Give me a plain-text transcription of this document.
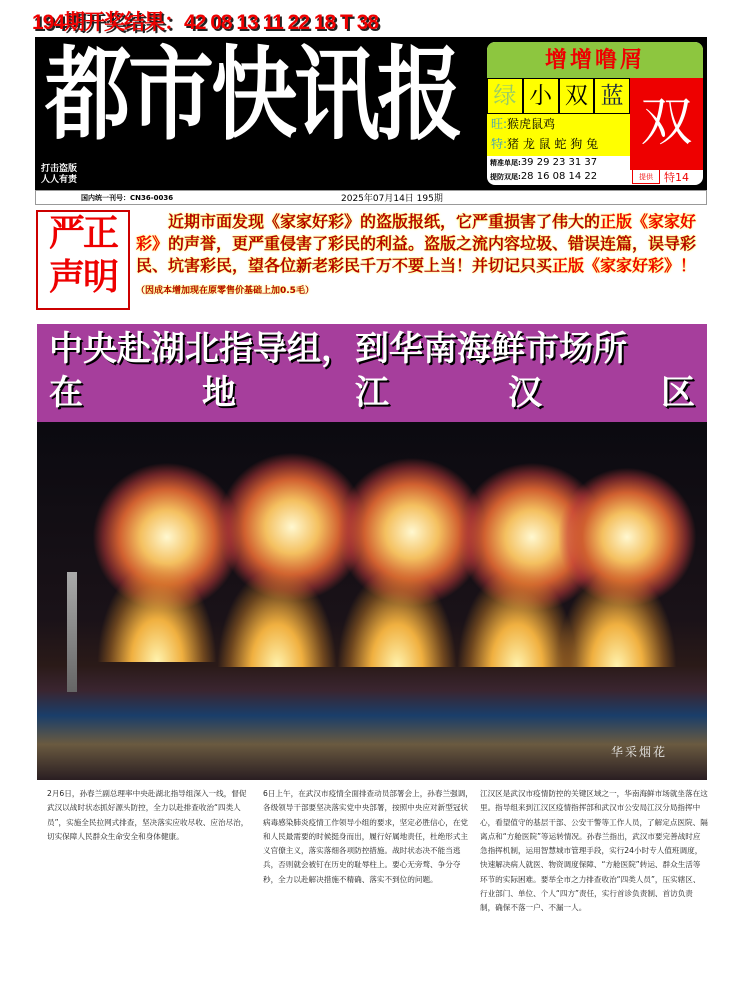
194期开奖结果：42 08 13 11 22 18 T 38
都市快讯报
打击盗版
人人有责
增增噜屑
绿 小 双 蓝 双
旺:猴虎鼠鸡
特:猪 龙 鼠 蛇 狗 兔
精准单尾:39 29 23 31 37
提防双尾:28 16 08 14 22
195期 提供
小双
特14
国内统一刊号：CN36-0036	2025年07月14日 195期
严正声明
近期市面发现《家家好彩》的盗版报纸，它严重损害了伟大的正版《家家好彩》的声誉，更严重侵害了彩民的利益。盗版之流内容垃圾、错误连篇，误导彩民、坑害彩民，望各位新老彩民千万不要上当！并切记只买正版《家家好彩》！（因成本增加现在原零售价基础上加0.5毛）
中央赴湖北指导组，到华南海鲜市场所
在	地	江	汉	区
华采烟花
2月6日，孙春兰副总理率中央赴湖北指导组深入一线，督促武汉以战时状态抓好源头防控，全力以赴排查收治“四类人员”，实施全民拉网式排查，坚决落实应收尽收、应治尽治，切实保障人民群众生命安全和身体健康。
6日上午，在武汉市疫情全面排查动员部署会上，孙春兰强调，各级领导干部要坚决落实党中央部署，按照中央应对新型冠状病毒感染肺炎疫情工作领导小组的要求，坚定必胜信心，在党和人民最需要的时候挺身而出，履行好属地责任，杜绝形式主义官僚主义，落实落细各项防控措施。战时状态决不能当逃兵，否则就会被钉在历史的耻辱柱上。要心无旁骛、争分夺秒，全力以赴解决措施不精确、落实不到位的问题。
江汉区是武汉市疫情防控的关键区域之一，华南海鲜市场就坐落在这里。指导组来到江汉区疫情指挥部和武汉市公安局江汉分局指挥中心，看望值守的基层干部、公安干警等工作人员，了解定点医院、隔离点和“方舱医院”等运转情况。孙春兰指出，武汉市要完善战时应急指挥机制，运用智慧城市管理手段，实行24小时专人值班调度，快速解决病人就医、物资调度保障、“方舱医院”转运、群众生活等环节的实际困难。要举全市之力排查收治“四类人员”，压实辖区、行业部门、单位、个人“四方”责任，实行首诊负责制、首访负责制，确保不落一户、不漏一人。
